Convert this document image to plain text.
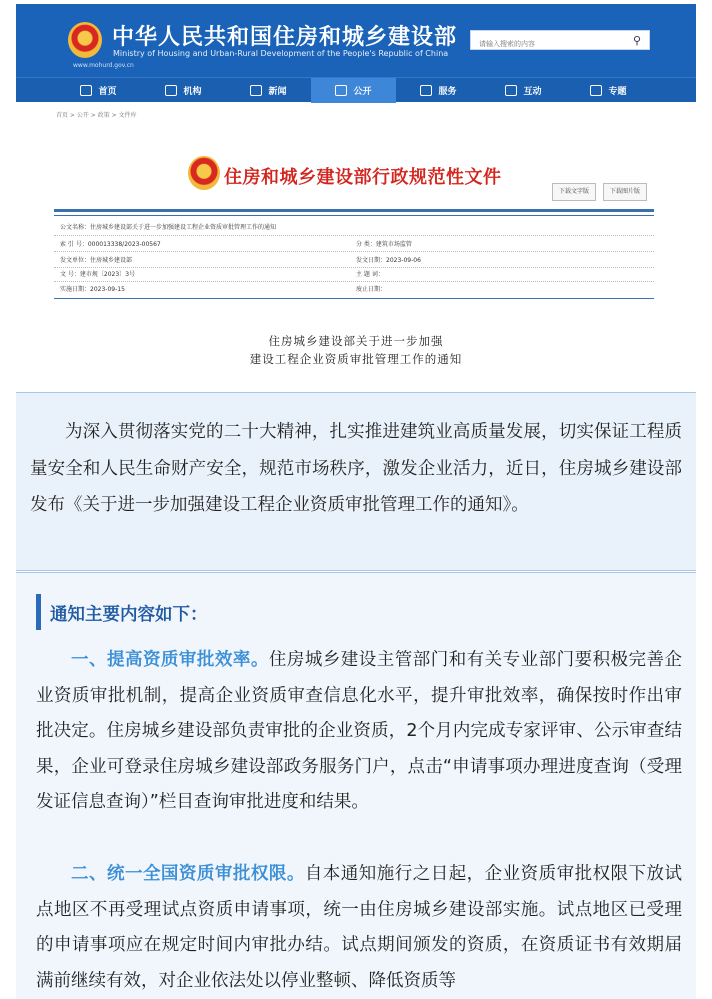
中华人民共和国住房和城乡建设部
Ministry of Housing and Urban-Rural Development of the People's Republic of China
www.mohurd.gov.cn
请输入搜索的内容
⚲
首页	机构	新闻	公开	服务	互动	专题
首页 > 公开 > 政策 > 文件库
住房和城乡建设部行政规范性文件
下载文字版	下载图片版
公文名称：住房城乡建设部关于进一步加强建设工程企业资质审批管理工作的通知
索 引 号：000013338/2023-00567	分 类：建筑市场监管
发文单位：住房城乡建设部	发文日期：2023-09-06
文 号：建市规〔2023〕3号	主 题 词：
实施日期：2023-09-15	废止日期：
住房城乡建设部关于进一步加强
建设工程企业资质审批管理工作的通知

为深入贯彻落实党的二十大精神，扎实推进建筑业高质量发展，切实保证工程质量安全和人民生命财产安全，规范市场秩序，激发企业活力，近日，住房城乡建设部发布《关于进一步加强建设工程企业资质审批管理工作的通知》。

通知主要内容如下：

一、提高资质审批效率。住房城乡建设主管部门和有关专业部门要积极完善企业资质审批机制，提高企业资质审查信息化水平，提升审批效率，确保按时作出审批决定。住房城乡建设部负责审批的企业资质，2个月内完成专家评审、公示审查结果，企业可登录住房城乡建设部政务服务门户，点击“申请事项办理进度查询（受理发证信息查询）”栏目查询审批进度和结果。

二、统一全国资质审批权限。自本通知施行之日起，企业资质审批权限下放试点地区不再受理试点资质申请事项，统一由住房城乡建设部实施。试点地区已受理的申请事项应在规定时间内审批办结。试点期间颁发的资质，在资质证书有效期届满前继续有效，对企业依法处以停业整顿、降低资质等
